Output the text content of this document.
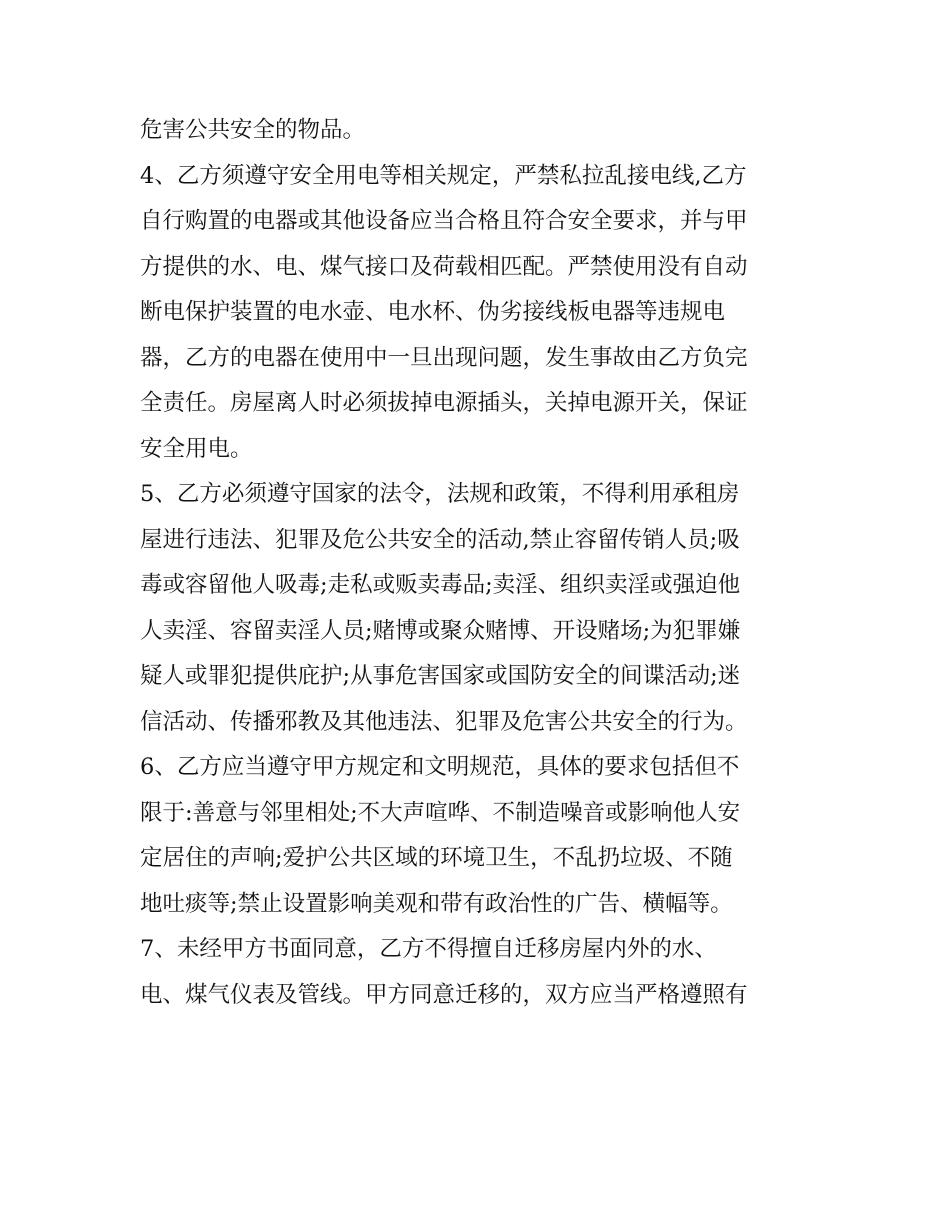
危害公共安全的物品。
4、乙方须遵守安全用电等相关规定，严禁私拉乱接电线,乙方
自行购置的电器或其他设备应当合格且符合安全要求，并与甲
方提供的水、电、煤气接口及荷载相匹配。严禁使用没有自动
断电保护装置的电水壶、电水杯、伪劣接线板电器等违规电
器，乙方的电器在使用中一旦出现问题，发生事故由乙方负完
全责任。房屋离人时必须拔掉电源插头，关掉电源开关，保证
安全用电。
5、乙方必须遵守国家的法令，法规和政策，不得利用承租房
屋进行违法、犯罪及危公共安全的活动,禁止容留传销人员;吸
毒或容留他人吸毒;走私或贩卖毒品;卖淫、组织卖淫或强迫他
人卖淫、容留卖淫人员;赌博或聚众赌博、开设赌场;为犯罪嫌
疑人或罪犯提供庇护;从事危害国家或国防安全的间谍活动;迷
信活动、传播邪教及其他违法、犯罪及危害公共安全的行为。
6、乙方应当遵守甲方规定和文明规范，具体的要求包括但不
限于:善意与邻里相处;不大声喧哗、不制造噪音或影响他人安
定居住的声响;爱护公共区域的环境卫生，不乱扔垃圾、不随
地吐痰等;禁止设置影响美观和带有政治性的广告、横幅等。
7、未经甲方书面同意，乙方不得擅自迁移房屋内外的水、
电、煤气仪表及管线。甲方同意迁移的，双方应当严格遵照有
